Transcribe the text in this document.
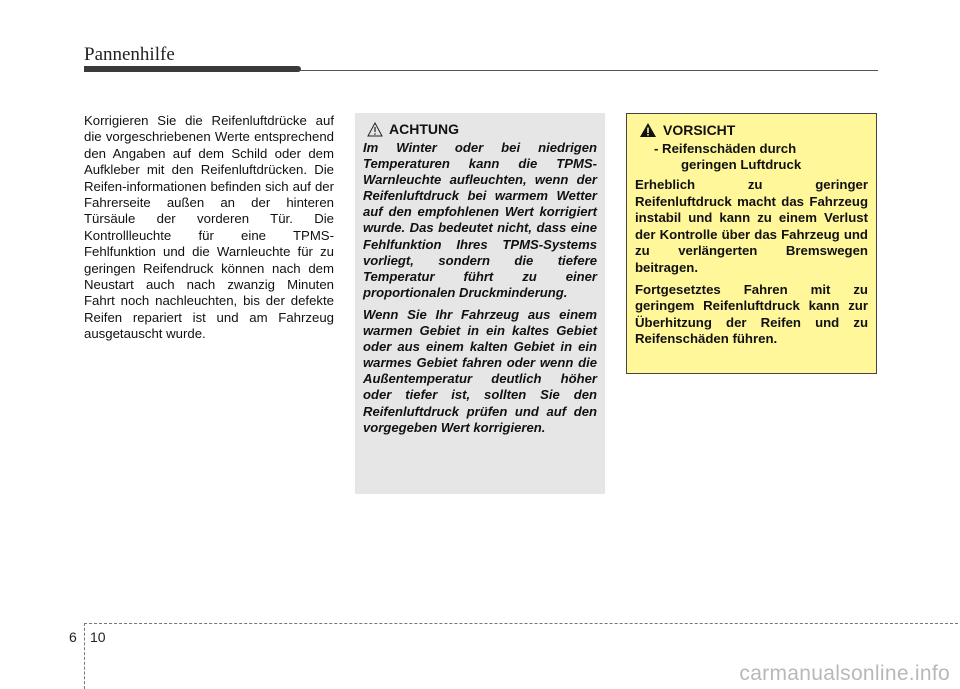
Pannenhilfe
Korrigieren Sie die Reifenluftdrücke auf die vorgeschriebenen Werte entsprechend den Angaben auf dem Schild oder dem Aufkleber mit den Reifenluftdrücken. Die Reifen-informationen befinden sich auf der Fahrerseite außen an der hinteren Türsäule der vorderen Tür. Die Kontrollleuchte für eine TPMS-Fehlfunktion und die Warnleuchte für zu geringen Reifendruck können nach dem Neustart auch nach zwanzig Minuten Fahrt noch nachleuchten, bis der defekte Reifen repariert ist und am Fahrzeug ausgetauscht wurde.
ACHTUNG

Im Winter oder bei niedrigen Temperaturen kann die TPMS-Warnleuchte aufleuchten, wenn der Reifenluftdruck bei warmem Wetter auf den empfohlenen Wert korrigiert wurde. Das bedeutet nicht, dass eine Fehlfunktion Ihres TPMS-Systems vorliegt, sondern die tiefere Temperatur führt zu einer proportionalen Druckminderung.

Wenn Sie Ihr Fahrzeug aus einem warmen Gebiet in ein kaltes Gebiet oder aus einem kalten Gebiet in ein warmes Gebiet fahren oder wenn die Außentemperatur deutlich höher oder tiefer ist, sollten Sie den Reifenluftdruck prüfen und auf den vorgegeben Wert korrigieren.

VORSICHT
- Reifenschäden durch
geringen Luftdruck

Erheblich zu geringer Reifenluftdruck macht das Fahrzeug instabil und kann zu einem Verlust der Kontrolle über das Fahrzeug und zu verlängerten Bremswegen beitragen.

Fortgesetztes Fahren mit zu geringem Reifenluftdruck kann zur Überhitzung der Reifen und zu Reifenschäden führen.

6 10
carmanualsonline.info
